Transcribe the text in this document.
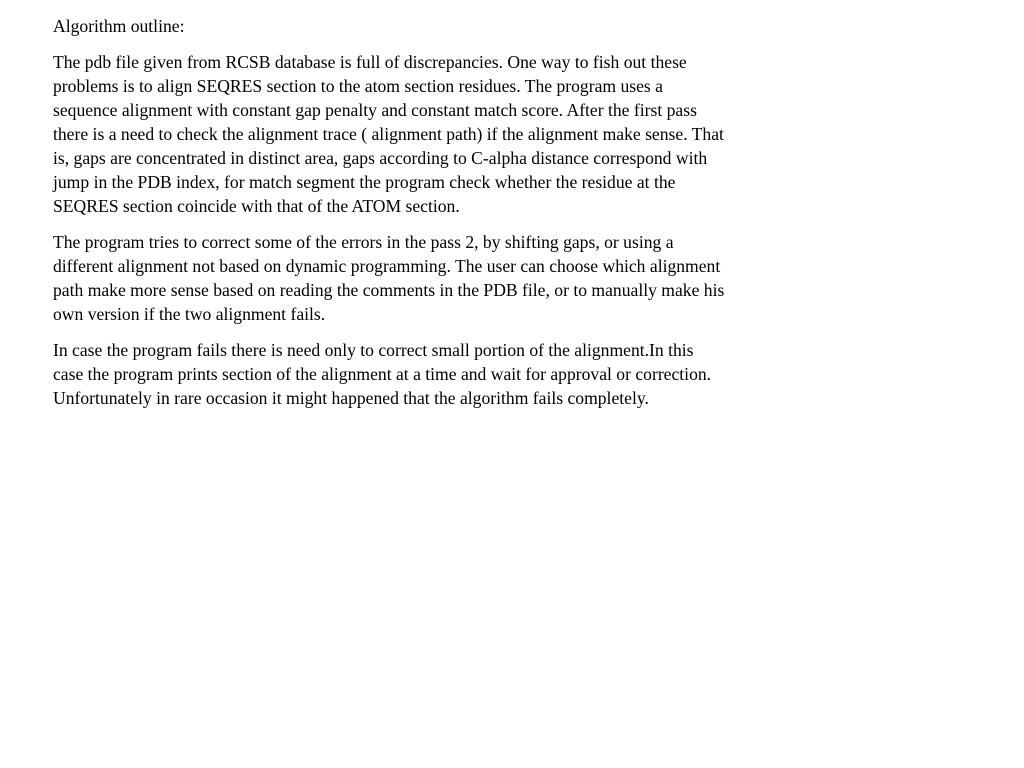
Algorithm outline:

The pdb file given from RCSB database is full of discrepancies. One way to fish out these
problems is to align SEQRES section to the atom section residues. The program uses a
sequence alignment with constant gap penalty and constant match score. After the first pass
there is a need to check the alignment trace ( alignment path) if the alignment make sense. That
is, gaps are concentrated in distinct area, gaps according to C-alpha distance correspond with
jump in the PDB index, for match segment the program check whether the residue at the
SEQRES section coincide with that of the ATOM section.

The program tries to correct some of the errors in the pass 2, by shifting gaps, or using a
different alignment not based on dynamic programming. The user can choose which alignment
path make more sense based on reading the comments in the PDB file, or to manually make his
own version if the two alignment fails.

In case the program fails there is need only to correct small portion of the alignment.In this
case the program prints section of the alignment at a time and wait for approval or correction.
Unfortunately in rare occasion it might happened that the algorithm fails completely.
